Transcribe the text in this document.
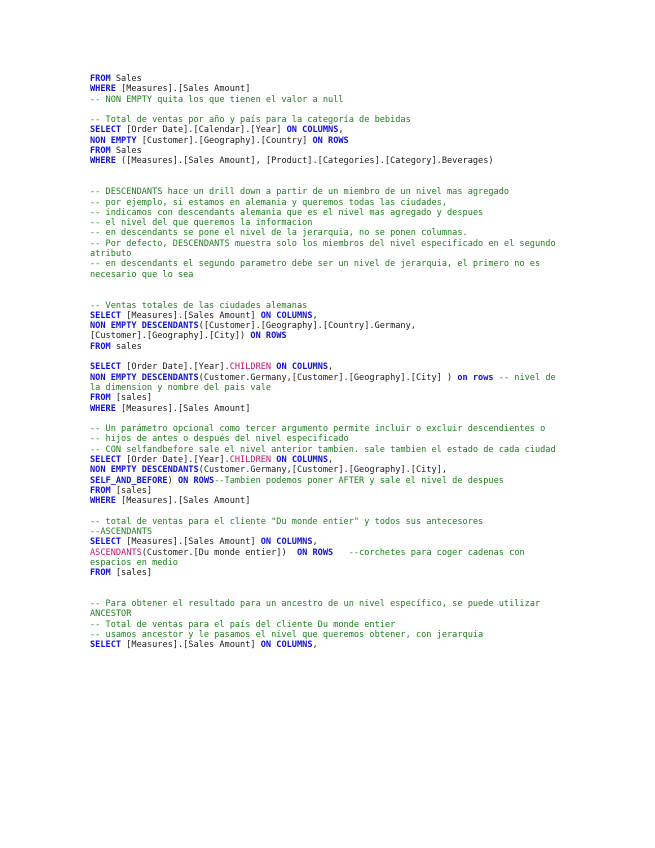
FROM Sales
WHERE [Measures].[Sales Amount]
-- NON EMPTY quita los que tienen el valor a null
-- Total de ventas por año y país para la categoría de bebidas
SELECT [Order Date].[Calendar].[Year] ON COLUMNS,
NON EMPTY [Customer].[Geography].[Country] ON ROWS
FROM Sales
WHERE ([Measures].[Sales Amount], [Product].[Categories].[Category].Beverages)
-- DESCENDANTS hace un drill down a partir de un miembro de un nivel mas agregado
-- por ejemplo, si estamos en alemania y queremos todas las ciudades,
-- indicamos con descendants alemania que es el nivel mas agregado y despues
-- el nivel del que queremos la informacion
-- en descendants se pone el nivel de la jerarquia, no se ponen columnas.
-- Por defecto, DESCENDANTS muestra solo los miembros del nivel especificado en el segundo atributo
-- en descendants el segundo parametro debe ser un nivel de jerarquia, el primero no es necesario que lo sea
-- Ventas totales de las ciudades alemanas
SELECT [Measures].[Sales Amount] ON COLUMNS,
NON EMPTY DESCENDANTS([Customer].[Geography].[Country].Germany,
[Customer].[Geography].[City]) ON ROWS
FROM sales
SELECT [Order Date].[Year].CHILDREN ON COLUMNS,
NON EMPTY DESCENDANTS(Customer.Germany,[Customer].[Geography].[City] ) on rows -- nivel de la dimension y nombre del pais vale
FROM [sales]
WHERE [Measures].[Sales Amount]
-- Un parámetro opcional como tercer argumento permite incluir o excluir descendientes o
-- hijos de antes o después del nivel especificado
-- CON selfandbefore sale el nivel anterior tambien. sale tambien el estado de cada ciudad
SELECT [Order Date].[Year].CHILDREN ON COLUMNS,
NON EMPTY DESCENDANTS(Customer.Germany,[Customer].[Geography].[City],
SELF_AND_BEFORE) ON ROWS--Tambien podemos poner AFTER y sale el nivel de despues
FROM [sales]
WHERE [Measures].[Sales Amount]
-- total de ventas para el cliente "Du monde entier" y todos sus antecesores
--ASCENDANTS
SELECT [Measures].[Sales Amount] ON COLUMNS,
ASCENDANTS(Customer.[Du monde entier])  ON ROWS   --corchetes para coger cadenas con espacios en medio
FROM [sales]
-- Para obtener el resultado para un ancestro de un nivel específico, se puede utilizar ANCESTOR
-- Total de ventas para el país del cliente Du monde entier
-- usamos ancestor y le pasamos el nivel que queremos obtener, con jerarquia
SELECT [Measures].[Sales Amount] ON COLUMNS,
